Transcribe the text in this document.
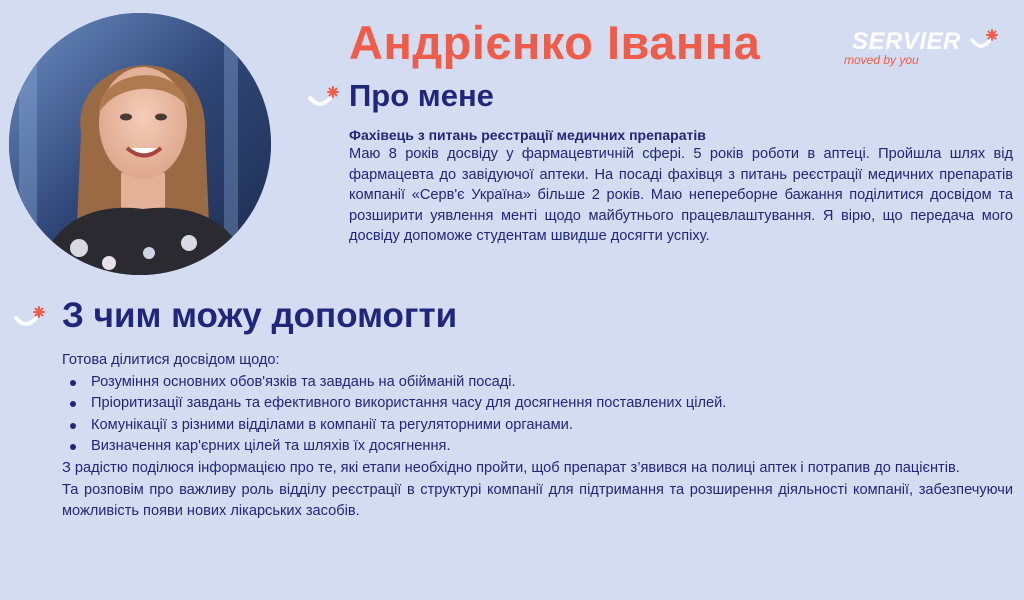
Андрієнко Іванна	SERVIER
moved by you
Про мене
Фахівець з питань реєстрації медичних препаратів

Маю 8 років досвіду у фармацевтичній сфері. 5 років роботи в аптеці. Пройшла шлях від фармацевта до завідуючої аптеки. На посаді фахівця з питань реєстрації медичних препаратів компанії «Серв'є Україна» більше 2 років. Маю непереборне бажання поділитися досвідом та розширити уявлення менті щодо майбутнього працевлаштування. Я вірю, що передача мого досвіду допоможе студентам швидше досягти успіху.

З чим можу допомогти

Готова ділитися досвідом щодо:

Розуміння основних обов'язків та завдань на обійманій посаді.
Пріоритизації завдань та ефективного використання часу для досягнення поставлених цілей.
Комунікації з різними відділами в компанії та регуляторними органами.
Визначення кар'єрних цілей та шляхів їх досягнення.

З радістю поділюся інформацією про те, які етапи необхідно пройти, щоб препарат з’явився на полиці аптек і потрапив до пацієнтів.

Та розповім про важливу роль відділу реєстрації в структурі компанії для підтримання та розширення діяльності компанії, забезпечуючи можливість появи нових лікарських засобів.
